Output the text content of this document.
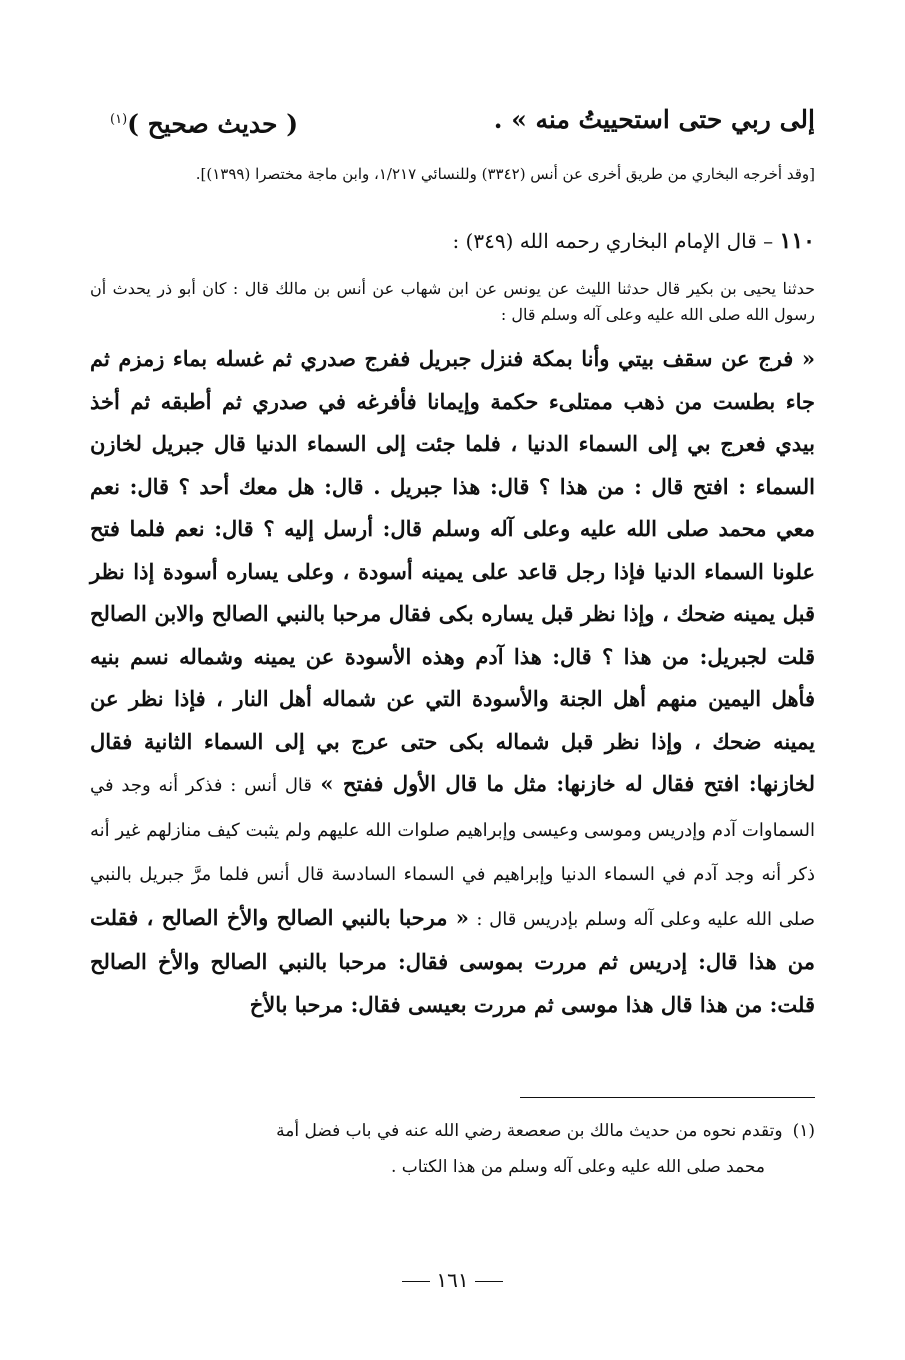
إلى ربي حتى استحييتُ منه » .
( حديث صحيح )$^{(١)}$
[وقد أخرجه البخاري من طريق أخرى عن أنس (٣٣٤٢) وللنسائي ١/٢١٧، وابن ماجة مختصرا (١٣٩٩)].
١١٠ – قال الإمام البخاري رحمه الله (٣٤٩) :
حدثنا يحيى بن بكير قال حدثنا الليث عن يونس عن ابن شهاب عن أنس بن مالك قال : كان أبو ذر يحدث أن رسول الله صلى الله عليه وعلى آله وسلم قال :
« فرج عن سقف بيتي وأنا بمكة فنزل جبريل ففرج صدري ثم غسله بماء زمزم ثم جاء بطست من ذهب ممتلىء حكمة وإيمانا فأفرغه في صدري ثم أطبقه ثم أخذ بيدي فعرج بي إلى السماء الدنيا ، فلما جئت إلى السماء الدنيا قال جبريل لخازن السماء : افتح قال : من هذا ؟ قال: هذا جبريل . قال: هل معك أحد ؟ قال: نعم معي محمد صلى الله عليه وعلى آله وسلم قال: أرسل إليه ؟ قال: نعم فلما فتح علونا السماء الدنيا فإذا رجل قاعد على يمينه أسودة ، وعلى يساره أسودة إذا نظر قبل يمينه ضحك ، وإذا نظر قبل يساره بكى فقال مرحبا بالنبي الصالح والابن الصالح قلت لجبريل: من هذا ؟ قال: هذا آدم وهذه الأسودة عن يمينه وشماله نسم بنيه فأهل اليمين منهم أهل الجنة والأسودة التي عن شماله أهل النار ، فإذا نظر عن يمينه ضحك ، وإذا نظر قبل شماله بكى حتى عرج بي إلى السماء الثانية فقال لخازنها: افتح فقال له خازنها: مثل ما قال الأول ففتح » قال أنس : فذكر أنه وجد في السماوات آدم وإدريس وموسى وعيسى وإبراهيم صلوات الله عليهم ولم يثبت كيف منازلهم غير أنه ذكر أنه وجد آدم في السماء الدنيا وإبراهيم في السماء السادسة قال أنس فلما مرَّ جبريل بالنبي صلى الله عليه وعلى آله وسلم بإدريس قال : « مرحبا بالنبي الصالح والأخ الصالح ، فقلت من هذا قال: إدريس ثم مررت بموسى فقال: مرحبا بالنبي الصالح والأخ الصالح قلت: من هذا قال هذا موسى ثم مررت بعيسى فقال: مرحبا بالأخ
(١)وتقدم نحوه من حديث مالك بن صعصعة رضي الله عنه في باب فضل أمة
محمد صلى الله عليه وعلى آله وسلم من هذا الكتاب .
١٦١
